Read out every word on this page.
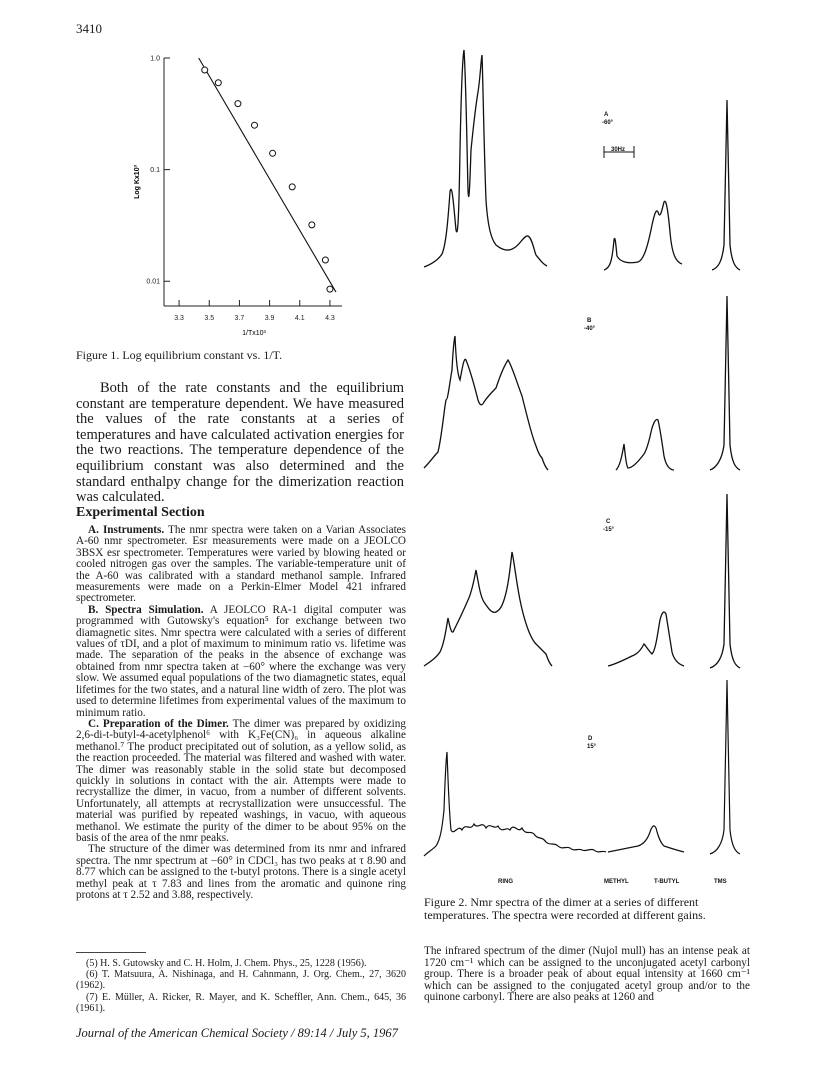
3410
1.0
0.1
0.01
3.3	3.5	3.7	3.9	4.1	4.3
Log Kx10³
1/Tx10³
Figure 1. Log equilibrium constant vs. 1/T.

Both of the rate constants and the equilibrium constant are temperature dependent. We have measured the values of the rate constants at a series of temperatures and have calculated activation energies for the two reactions. The temperature dependence of the equilibrium constant was also determined and the standard enthalpy change for the dimerization reaction was calculated.

Experimental Section

A. Instruments. The nmr spectra were taken on a Varian Associates A-60 nmr spectrometer. Esr measurements were made on a JEOLCO 3BSX esr spectrometer. Temperatures were varied by blowing heated or cooled nitrogen gas over the samples. The variable-temperature unit of the A-60 was calibrated with a standard methanol sample. Infrared measurements were made on a Perkin-Elmer Model 421 infrared spectrometer.

B. Spectra Simulation. A JEOLCO RA-1 digital computer was programmed with Gutowsky's equation⁵ for exchange between two diamagnetic sites. Nmr spectra were calculated with a series of different values of τDI, and a plot of maximum to minimum ratio vs. lifetime was made. The separation of the peaks in the absence of exchange was obtained from nmr spectra taken at −60° where the exchange was very slow. We assumed equal populations of the two diamagnetic states, equal lifetimes for the two states, and a natural line width of zero. The plot was used to determine lifetimes from experimental values of the maximum to minimum ratio.

C. Preparation of the Dimer. The dimer was prepared by oxidizing 2,6-di-t-butyl-4-acetylphenol⁶ with K₃Fe(CN)₆ in aqueous alkaline methanol.⁷ The product precipitated out of solution, as a yellow solid, as the reaction proceeded. The material was filtered and washed with water. The dimer was reasonably stable in the solid state but decomposed quickly in solutions in contact with the air. Attempts were made to recrystallize the dimer, in vacuo, from a number of different solvents. Unfortunately, all attempts at recrystallization were unsuccessful. The material was purified by repeated washings, in vacuo, with aqueous methanol. We estimate the purity of the dimer to be about 95% on the basis of the area of the nmr peaks.

The structure of the dimer was determined from its nmr and infrared spectra. The nmr spectrum at −60° in CDCl₃ has two peaks at τ 8.90 and 8.77 which can be assigned to the t-butyl protons. There is a single acetyl methyl peak at τ 7.83 and lines from the aromatic and quinone ring protons at τ 2.52 and 3.88, respectively.

(5) H. S. Gutowsky and C. H. Holm, J. Chem. Phys., 25, 1228 (1956).

(6) T. Matsuura, A. Nishinaga, and H. Cahnmann, J. Org. Chem., 27, 3620 (1962).

(7) E. Müller, A. Ricker, R. Mayer, and K. Scheffler, Ann. Chem., 645, 36 (1961).

Journal of the American Chemical Society / 89:14 / July 5, 1967
A
-60°
30Hz
B
-40°
C
-15°
D
15°
RING	METHYL	T-BUTYL	TMS
Figure 2. Nmr spectra of the dimer at a series of different temperatures. The spectra were recorded at different gains.

The infrared spectrum of the dimer (Nujol mull) has an intense peak at 1720 cm⁻¹ which can be assigned to the unconjugated acetyl carbonyl group. There is a broader peak of about equal intensity at 1660 cm⁻¹ which can be assigned to the conjugated acetyl group and/or to the quinone carbonyl. There are also peaks at 1260 and
